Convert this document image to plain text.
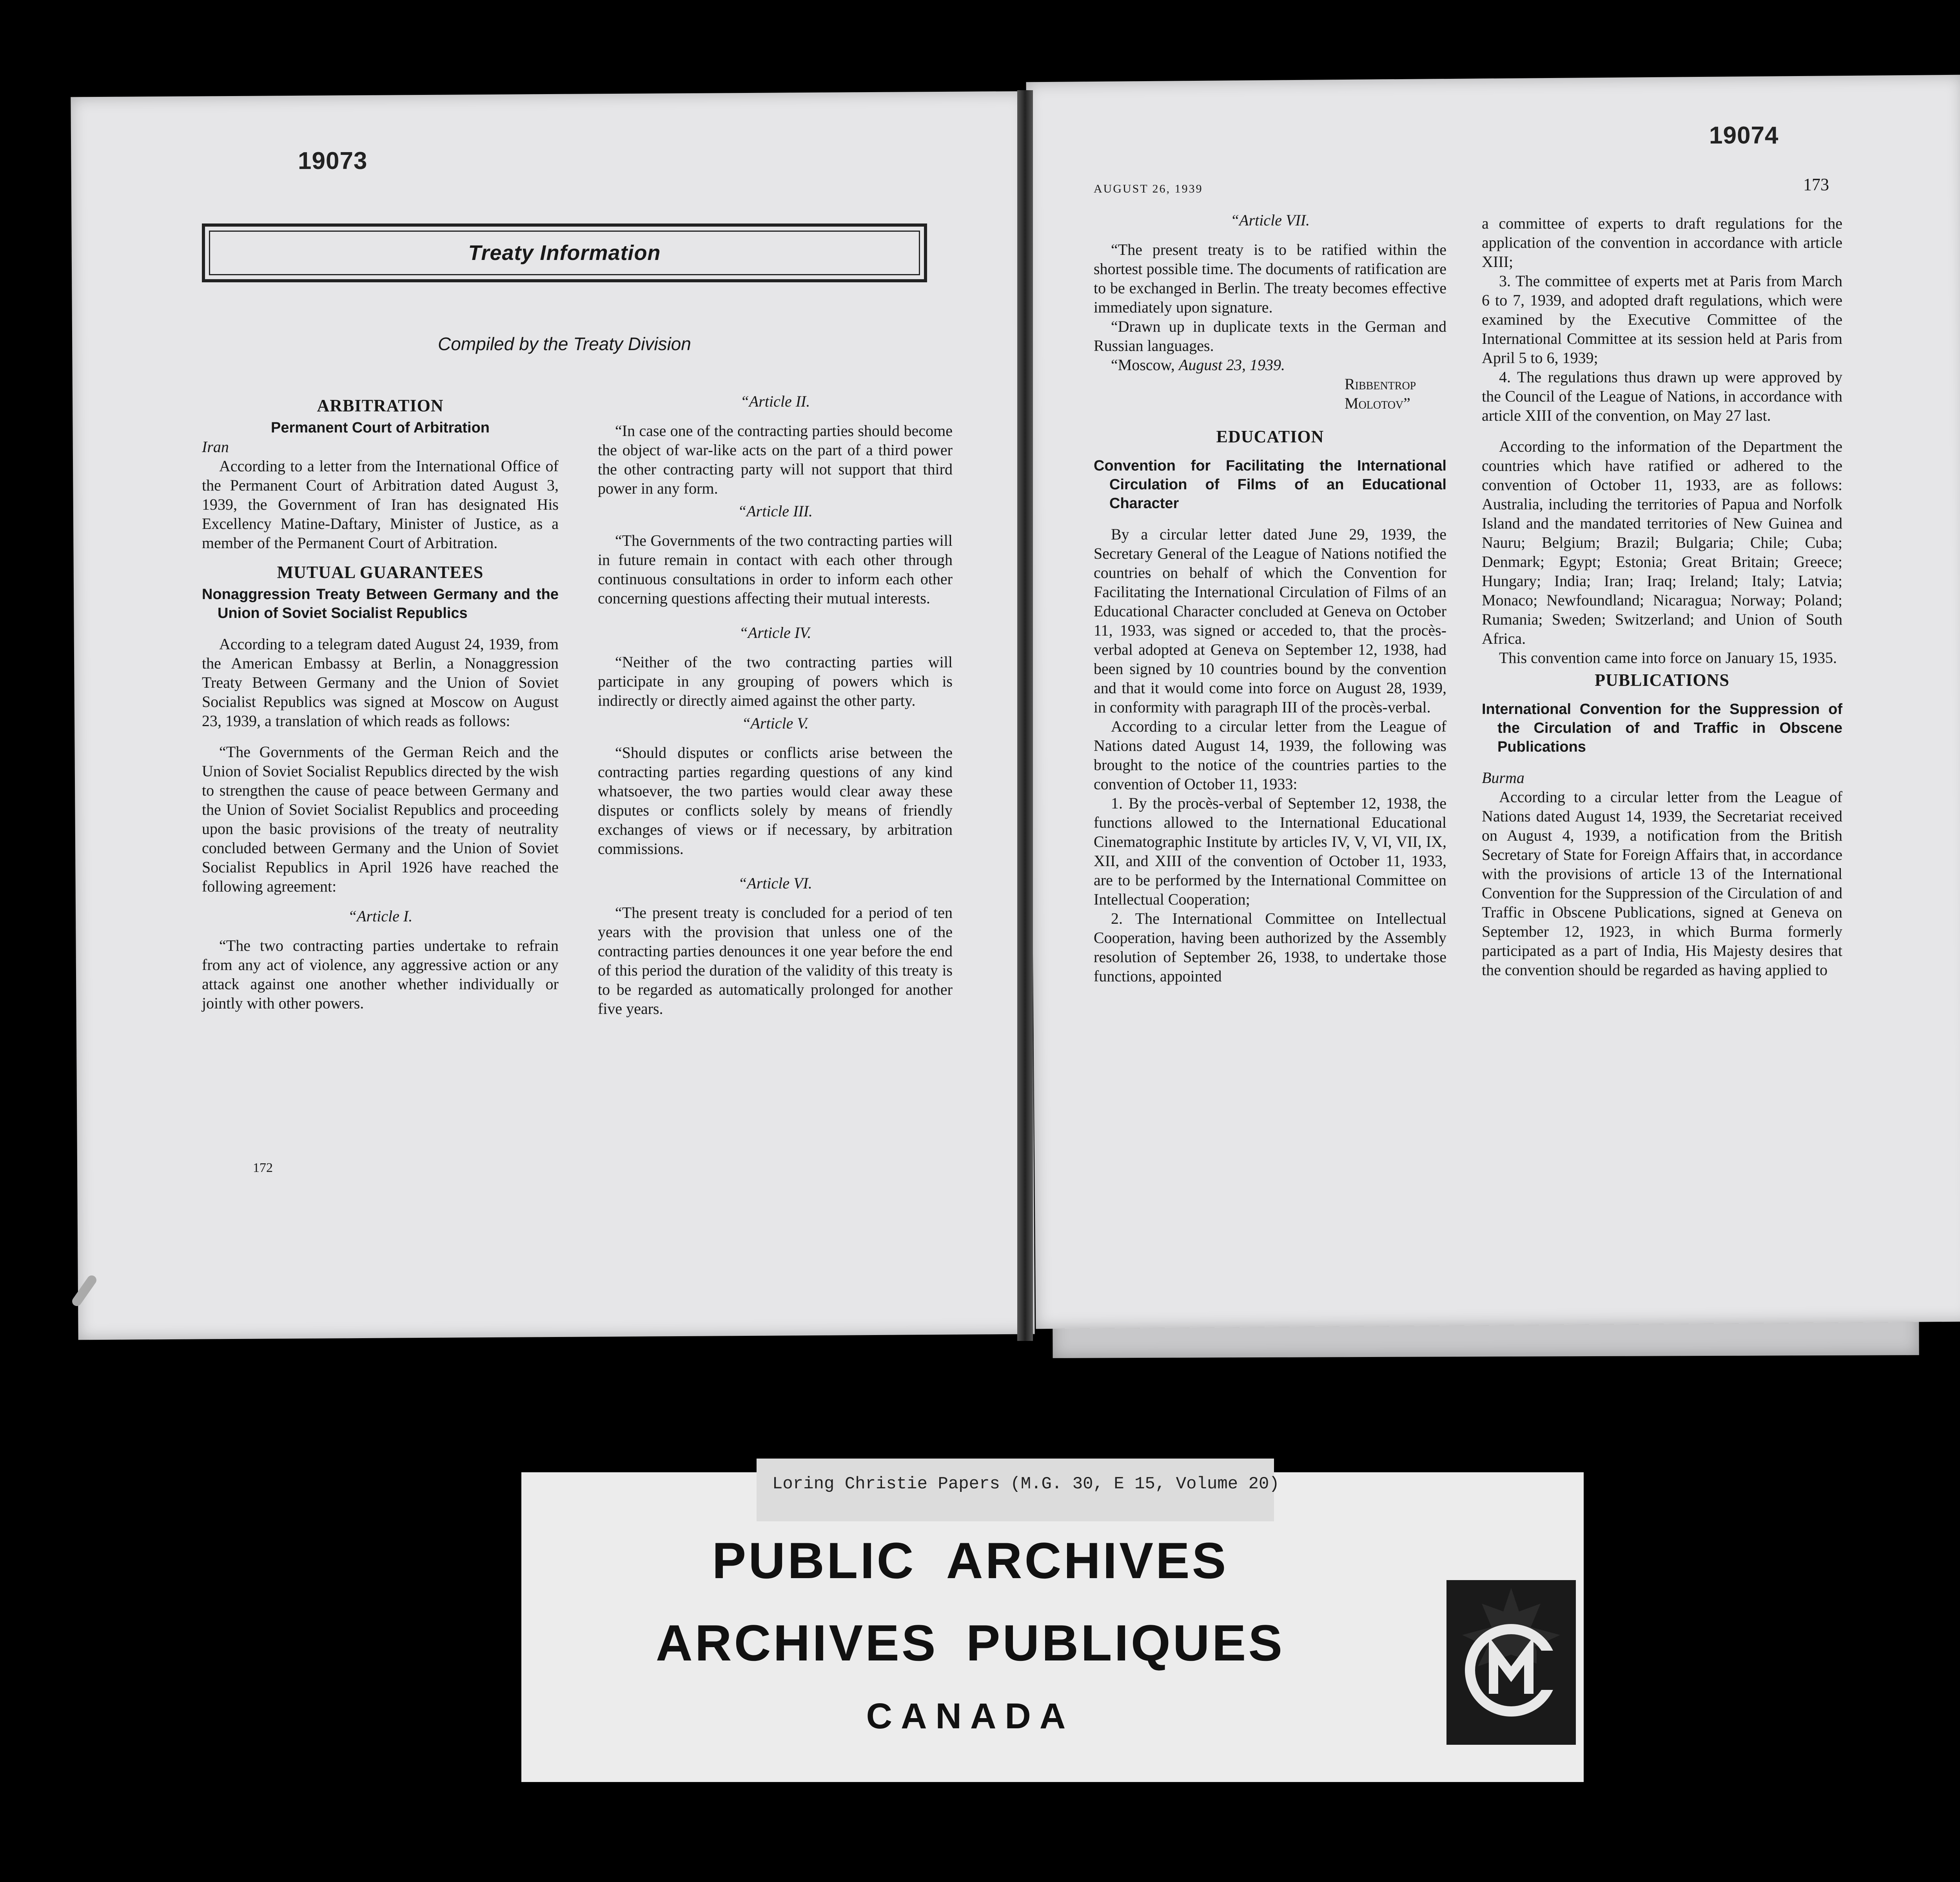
19073
Treaty Information
Compiled by the Treaty Division
ARBITRATION
Permanent Court of Arbitration
Iran

According to a letter from the International Office of the Permanent Court of Arbitration dated August 3, 1939, the Government of Iran has designated His Excellency Matine-Daftary, Minister of Justice, as a member of the Permanent Court of Arbitration.

MUTUAL GUARANTEES
Nonaggression Treaty Between Germany and the Union of Soviet Socialist Republics

According to a telegram dated August 24, 1939, from the American Embassy at Berlin, a Nonaggression Treaty Between Germany and the Union of Soviet Socialist Republics was signed at Moscow on August 23, 1939, a translation of which reads as follows:

“The Governments of the German Reich and the Union of Soviet Socialist Republics directed by the wish to strengthen the cause of peace between Germany and the Union of Soviet Socialist Republics and proceeding upon the basic provisions of the treaty of neutrality concluded between Germany and the Union of Soviet Socialist Republics in April 1926 have reached the following agreement:

“Article I.

“The two contracting parties undertake to refrain from any act of violence, any aggressive action or any attack against one another whether individually or jointly with other powers.

172
“Article II.

“In case one of the contracting parties should become the object of war-like acts on the part of a third power the other contracting party will not support that third power in any form.

“Article III.

“The Governments of the two contracting parties will in future remain in contact with each other through continuous consultations in order to inform each other concerning questions affecting their mutual interests.

“Article IV.

“Neither of the two contracting parties will participate in any grouping of powers which is indirectly or directly aimed against the other party.

“Article V.

“Should disputes or conflicts arise between the contracting parties regarding questions of any kind whatsoever, the two parties would clear away these disputes or conflicts solely by means of friendly exchanges of views or if necessary, by arbitration commissions.

“Article VI.

“The present treaty is concluded for a period of ten years with the provision that unless one of the contracting parties denounces it one year before the end of this period the duration of the validity of this treaty is to be regarded as automatically prolonged for another five years.

19074
AUGUST 26, 1939	173
“Article VII.

“The present treaty is to be ratified within the shortest possible time. The documents of ratification are to be exchanged in Berlin. The treaty becomes effective immediately upon signature.

“Drawn up in duplicate texts in the German and Russian languages.

“Moscow, August 23, 1939.

Ribbentrop
Molotov”
EDUCATION
Convention for Facilitating the International Circulation of Films of an Educational Character

By a circular letter dated June 29, 1939, the Secretary General of the League of Nations notified the countries on behalf of which the Convention for Facilitating the International Circulation of Films of an Educational Character concluded at Geneva on October 11, 1933, was signed or acceded to, that the procès-verbal adopted at Geneva on September 12, 1938, had been signed by 10 countries bound by the convention and that it would come into force on August 28, 1939, in conformity with paragraph III of the procès-verbal.

According to a circular letter from the League of Nations dated August 14, 1939, the following was brought to the notice of the countries parties to the convention of October 11, 1933:

1. By the procès-verbal of September 12, 1938, the functions allowed to the International Educational Cinematographic Institute by articles IV, V, VI, VII, IX, XII, and XIII of the convention of October 11, 1933, are to be performed by the International Committee on Intellectual Cooperation;

2. The International Committee on Intellectual Cooperation, having been authorized by the Assembly resolution of September 26, 1938, to undertake those functions, appointed

a committee of experts to draft regulations for the application of the convention in accordance with article XIII;

3. The committee of experts met at Paris from March 6 to 7, 1939, and adopted draft regulations, which were examined by the Executive Committee of the International Committee at its session held at Paris from April 5 to 6, 1939;

4. The regulations thus drawn up were approved by the Council of the League of Nations, in accordance with article XIII of the convention, on May 27 last.

According to the information of the Department the countries which have ratified or adhered to the convention of October 11, 1933, are as follows: Australia, including the territories of Papua and Norfolk Island and the mandated territories of New Guinea and Nauru; Belgium; Brazil; Bulgaria; Chile; Cuba; Denmark; Egypt; Estonia; Great Britain; Greece; Hungary; India; Iran; Iraq; Ireland; Italy; Latvia; Monaco; Newfoundland; Nicaragua; Norway; Poland; Rumania; Sweden; Switzerland; and Union of South Africa.

This convention came into force on January 15, 1935.

PUBLICATIONS
International Convention for the Suppression of the Circulation of and Traffic in Obscene Publications
Burma

According to a circular letter from the League of Nations dated August 14, 1939, the Secretariat received on August 4, 1939, a notification from the British Secretary of State for Foreign Affairs that, in accordance with the provisions of article 13 of the International Convention for the Suppression of the Circulation of and Traffic in Obscene Publications, signed at Geneva on September 12, 1923, in which Burma formerly participated as a part of India, His Majesty desires that the convention should be regarded as having applied to

Loring Christie Papers (M.G. 30, E 15, Volume 20)
PUBLIC ARCHIVES
ARCHIVES PUBLIQUES
CANADA
